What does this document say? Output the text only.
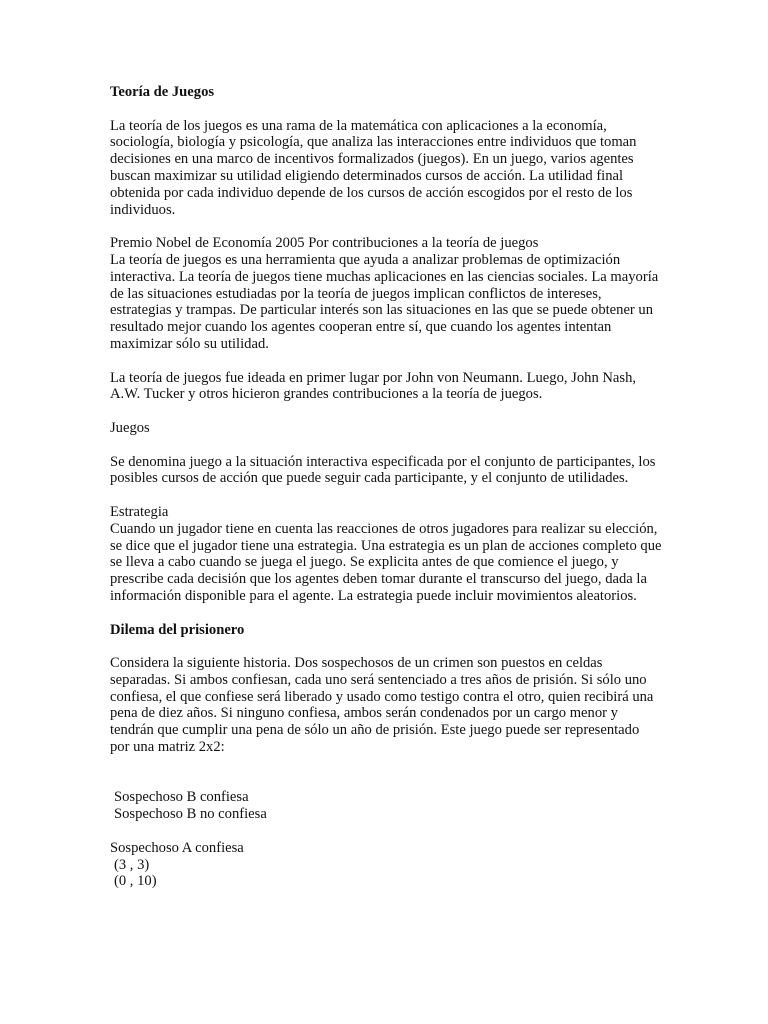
Teoría de Juegos

La teoría de los juegos es una rama de la matemática con aplicaciones a la economía, sociología, biología y psicología, que analiza las interacciones entre individuos que toman decisiones en una marco de incentivos formalizados (juegos). En un juego, varios agentes buscan maximizar su utilidad eligiendo determinados cursos de acción. La utilidad final obtenida por cada individuo depende de los cursos de acción escogidos por el resto de los individuos.

Premio Nobel de Economía 2005 Por contribuciones a la teoría de juegos
La teoría de juegos es una herramienta que ayuda a analizar problemas de optimización interactiva. La teoría de juegos tiene muchas aplicaciones en las ciencias sociales. La mayoría de las situaciones estudiadas por la teoría de juegos implican conflictos de intereses, estrategias y trampas. De particular interés son las situaciones en las que se puede obtener un resultado mejor cuando los agentes cooperan entre sí, que cuando los agentes intentan maximizar sólo su utilidad.

La teoría de juegos fue ideada en primer lugar por John von Neumann. Luego, John Nash, A.W. Tucker y otros hicieron grandes contribuciones a la teoría de juegos.

Juegos

Se denomina juego a la situación interactiva especificada por el conjunto de participantes, los posibles cursos de acción que puede seguir cada participante, y el conjunto de utilidades.

Estrategia
Cuando un jugador tiene en cuenta las reacciones de otros jugadores para realizar su elección, se dice que el jugador tiene una estrategia. Una estrategia es un plan de acciones completo que se lleva a cabo cuando se juega el juego. Se explicita antes de que comience el juego, y prescribe cada decisión que los agentes deben tomar durante el transcurso del juego, dada la información disponible para el agente. La estrategia puede incluir movimientos aleatorios.

Dilema del prisionero

Considera la siguiente historia. Dos sospechosos de un crimen son puestos en celdas separadas. Si ambos confiesan, cada uno será sentenciado a tres años de prisión. Si sólo uno confiesa, el que confiese será liberado y usado como testigo contra el otro, quien recibirá una pena de diez años. Si ninguno confiesa, ambos serán condenados por un cargo menor y tendrán que cumplir una pena de sólo un año de prisión. Este juego puede ser representado por una matriz 2x2:

Sospechoso B confiesa
Sospechoso B no confiesa
Sospechoso A confiesa
(3 , 3)
(0 , 10)
